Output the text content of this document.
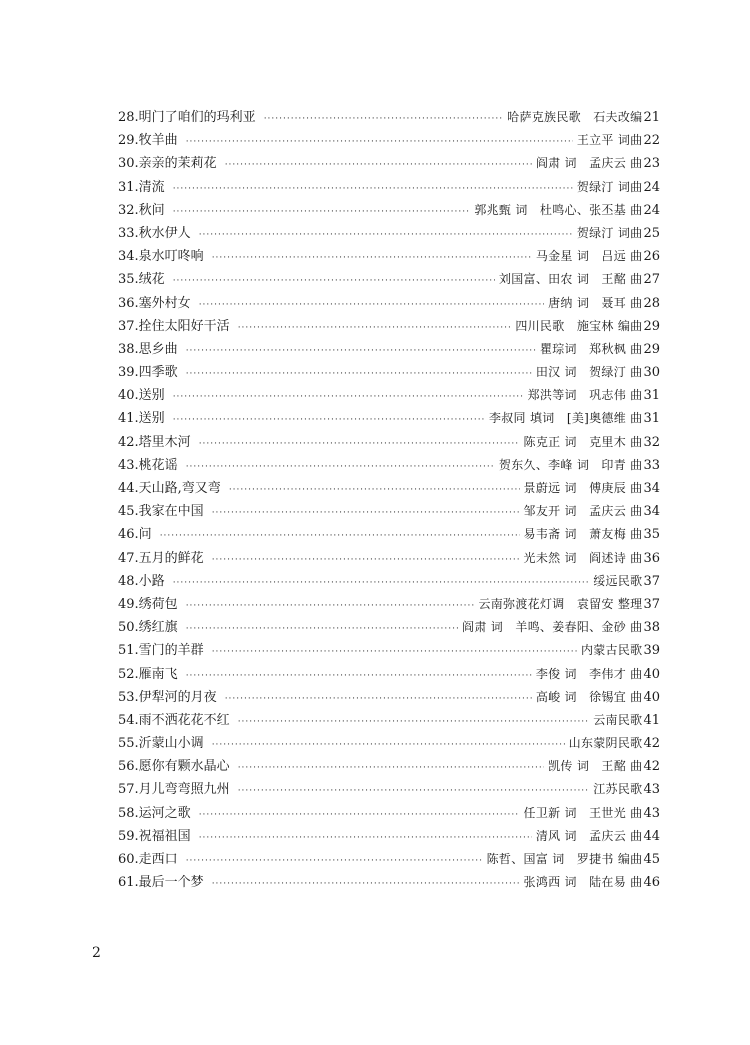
28.明门了咱们的玛利亚 ·····	哈萨克族民歌　石夫改编 21
29.牧羊曲 ·····	王立平 词曲 22
30.亲亲的茉莉花 ·····	阎肃 词　孟庆云 曲 23
31.清流 ·····	贺绿汀 词曲 24
32.秋问 ·····	郭兆甄 词　杜鸣心、张丕基 曲 24
33.秋水伊人 ·····	贺绿汀 词曲 25
34.泉水叮咚响 ·····	马金星 词　吕远 曲 26
35.绒花 ·····	刘国富、田农 词　王酩 曲 27
36.塞外村女 ·····	唐纳 词　聂耳 曲 28
37.拴住太阳好干活 ·····	四川民歌　施宝林 编曲 29
38.思乡曲 ·····	瞿琮词　郑秋枫 曲 29
39.四季歌 ·····	田汉 词　贺绿汀 曲 30
40.送别 ·····	郑洪等词　巩志伟 曲 31
41.送别 ·····	李叔同 填词　[美]奥德维 曲 31
42.塔里木河 ·····	陈克正 词　克里木 曲 32
43.桃花谣 ·····	贺东久、李峰 词　印青 曲 33
44.天山路,弯又弯 ·····	景蔚远 词　傅庚辰 曲 34
45.我家在中国 ·····	邹友开 词　孟庆云 曲 34
46.问 ·····	易韦斋 词　萧友梅 曲 35
47.五月的鲜花 ·····	光未然 词　阎述诗 曲 36
48.小路 ·····	绥远民歌 37
49.绣荷包 ·····	云南弥渡花灯调　袁留安 整理 37
50.绣红旗 ·····	阎肃 词　羊鸣、姜春阳、金砂 曲 38
51.雪门的羊群 ·····	内蒙古民歌 39
52.雁南飞 ·····	李俊 词　李伟才 曲 40
53.伊犁河的月夜 ·····	高峻 词　徐锡宜 曲 40
54.雨不洒花花不红 ·····	云南民歌 41
55.沂蒙山小调 ·····	山东蒙阴民歌 42
56.愿你有颗水晶心 ·····	凯传 词　王酩 曲 42
57.月儿弯弯照九州 ·····	江苏民歌 43
58.运河之歌 ·····	任卫新 词　王世光 曲 43
59.祝福祖国 ·····	清风 词　孟庆云 曲 44
60.走西口 ·····	陈哲、国富 词　罗捷书 编曲 45
61.最后一个梦 ·····	张鸿西 词　陆在易 曲 46
2
